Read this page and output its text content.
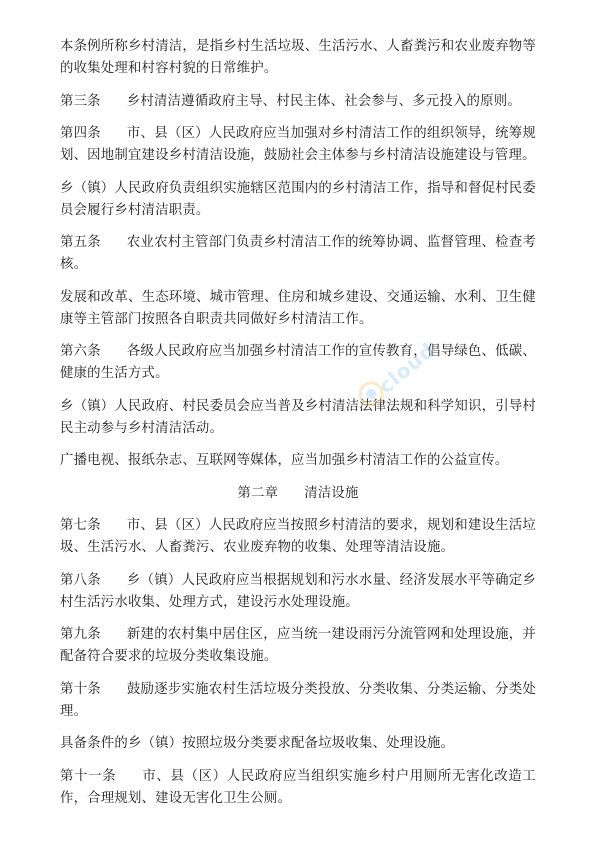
本条例所称乡村清洁，是指乡村生活垃圾、生活污水、人畜粪污和农业废弃物等的收集处理和村容村貌的日常维护。

第三条 乡村清洁遵循政府主导、村民主体、社会参与、多元投入的原则。

第四条 市、县（区）人民政府应当加强对乡村清洁工作的组织领导，统筹规划、因地制宜建设乡村清洁设施，鼓励社会主体参与乡村清洁设施建设与管理。

乡（镇）人民政府负责组织实施辖区范围内的乡村清洁工作，指导和督促村民委员会履行乡村清洁职责。

第五条 农业农村主管部门负责乡村清洁工作的统筹协调、监督管理、检查考核。

发展和改革、生态环境、城市管理、住房和城乡建设、交通运输、水利、卫生健康等主管部门按照各自职责共同做好乡村清洁工作。

第六条 各级人民政府应当加强乡村清洁工作的宣传教育，倡导绿色、低碳、健康的生活方式。

乡（镇）人民政府、村民委员会应当普及乡村清洁法律法规和科学知识，引导村民主动参与乡村清洁活动。

广播电视、报纸杂志、互联网等媒体，应当加强乡村清洁工作的公益宣传。

第二章 清洁设施

第七条 市、县（区）人民政府应当按照乡村清洁的要求，规划和建设生活垃圾、生活污水、人畜粪污、农业废弃物的收集、处理等清洁设施。

第八条 乡（镇）人民政府应当根据规划和污水水量、经济发展水平等确定乡村生活污水收集、处理方式，建设污水处理设施。

第九条 新建的农村集中居住区，应当统一建设雨污分流管网和处理设施，并配备符合要求的垃圾分类收集设施。

第十条 鼓励逐步实施农村生活垃圾分类投放、分类收集、分类运输、分类处理。

具备条件的乡（镇）按照垃圾分类要求配备垃圾收集、处理设施。

第十一条 市、县（区）人民政府应当组织实施乡村户用厕所无害化改造工作，合理规划、建设无害化卫生公厕。

cloud
